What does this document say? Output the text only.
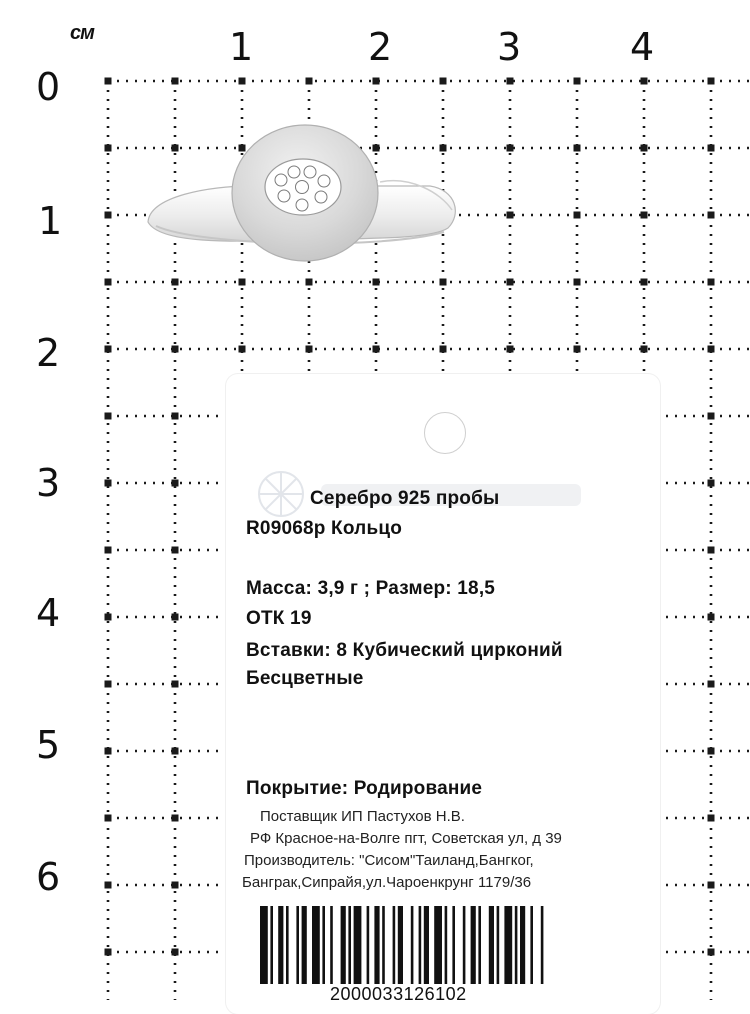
см	1	2	3	4
0
1
2
3
4
5
6
Серебро 925 пробы
R09068р Кольцо
Масса: 3,9 г ; Размер: 18,5
ОТК 19
Вставки: 8 Кубический цирконий
Бесцветные
Покрытие: Родирование
Поставщик ИП Пастухов Н.В.
РФ Красное-на-Волге пгт, Советская ул, д 39
Производитель: "Сисом"Таиланд,Бангког,
Банграк,Сипрайя,ул.Чароенкрунг 1179/36
2000033126102
